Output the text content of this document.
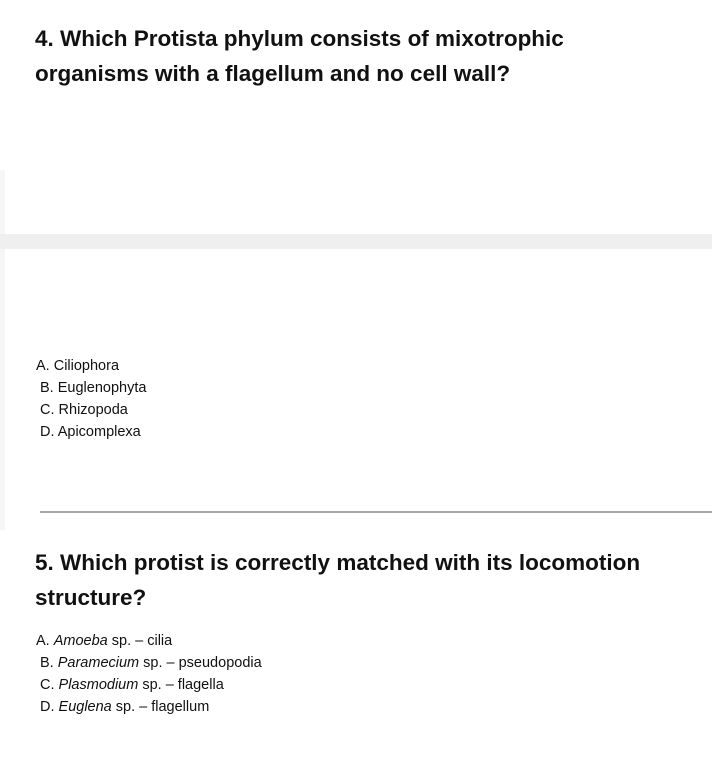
4. Which Protista phylum consists of mixotrophic
organisms with a flagellum and no cell wall?
A. Ciliophora
B. Euglenophyta
C. Rhizopoda
D. Apicomplexa
5. Which protist is correctly matched with its locomotion
structure?
A. Amoeba sp. – cilia
B. Paramecium sp. – pseudopodia
C. Plasmodium sp. – flagella
D. Euglena sp. – flagellum
